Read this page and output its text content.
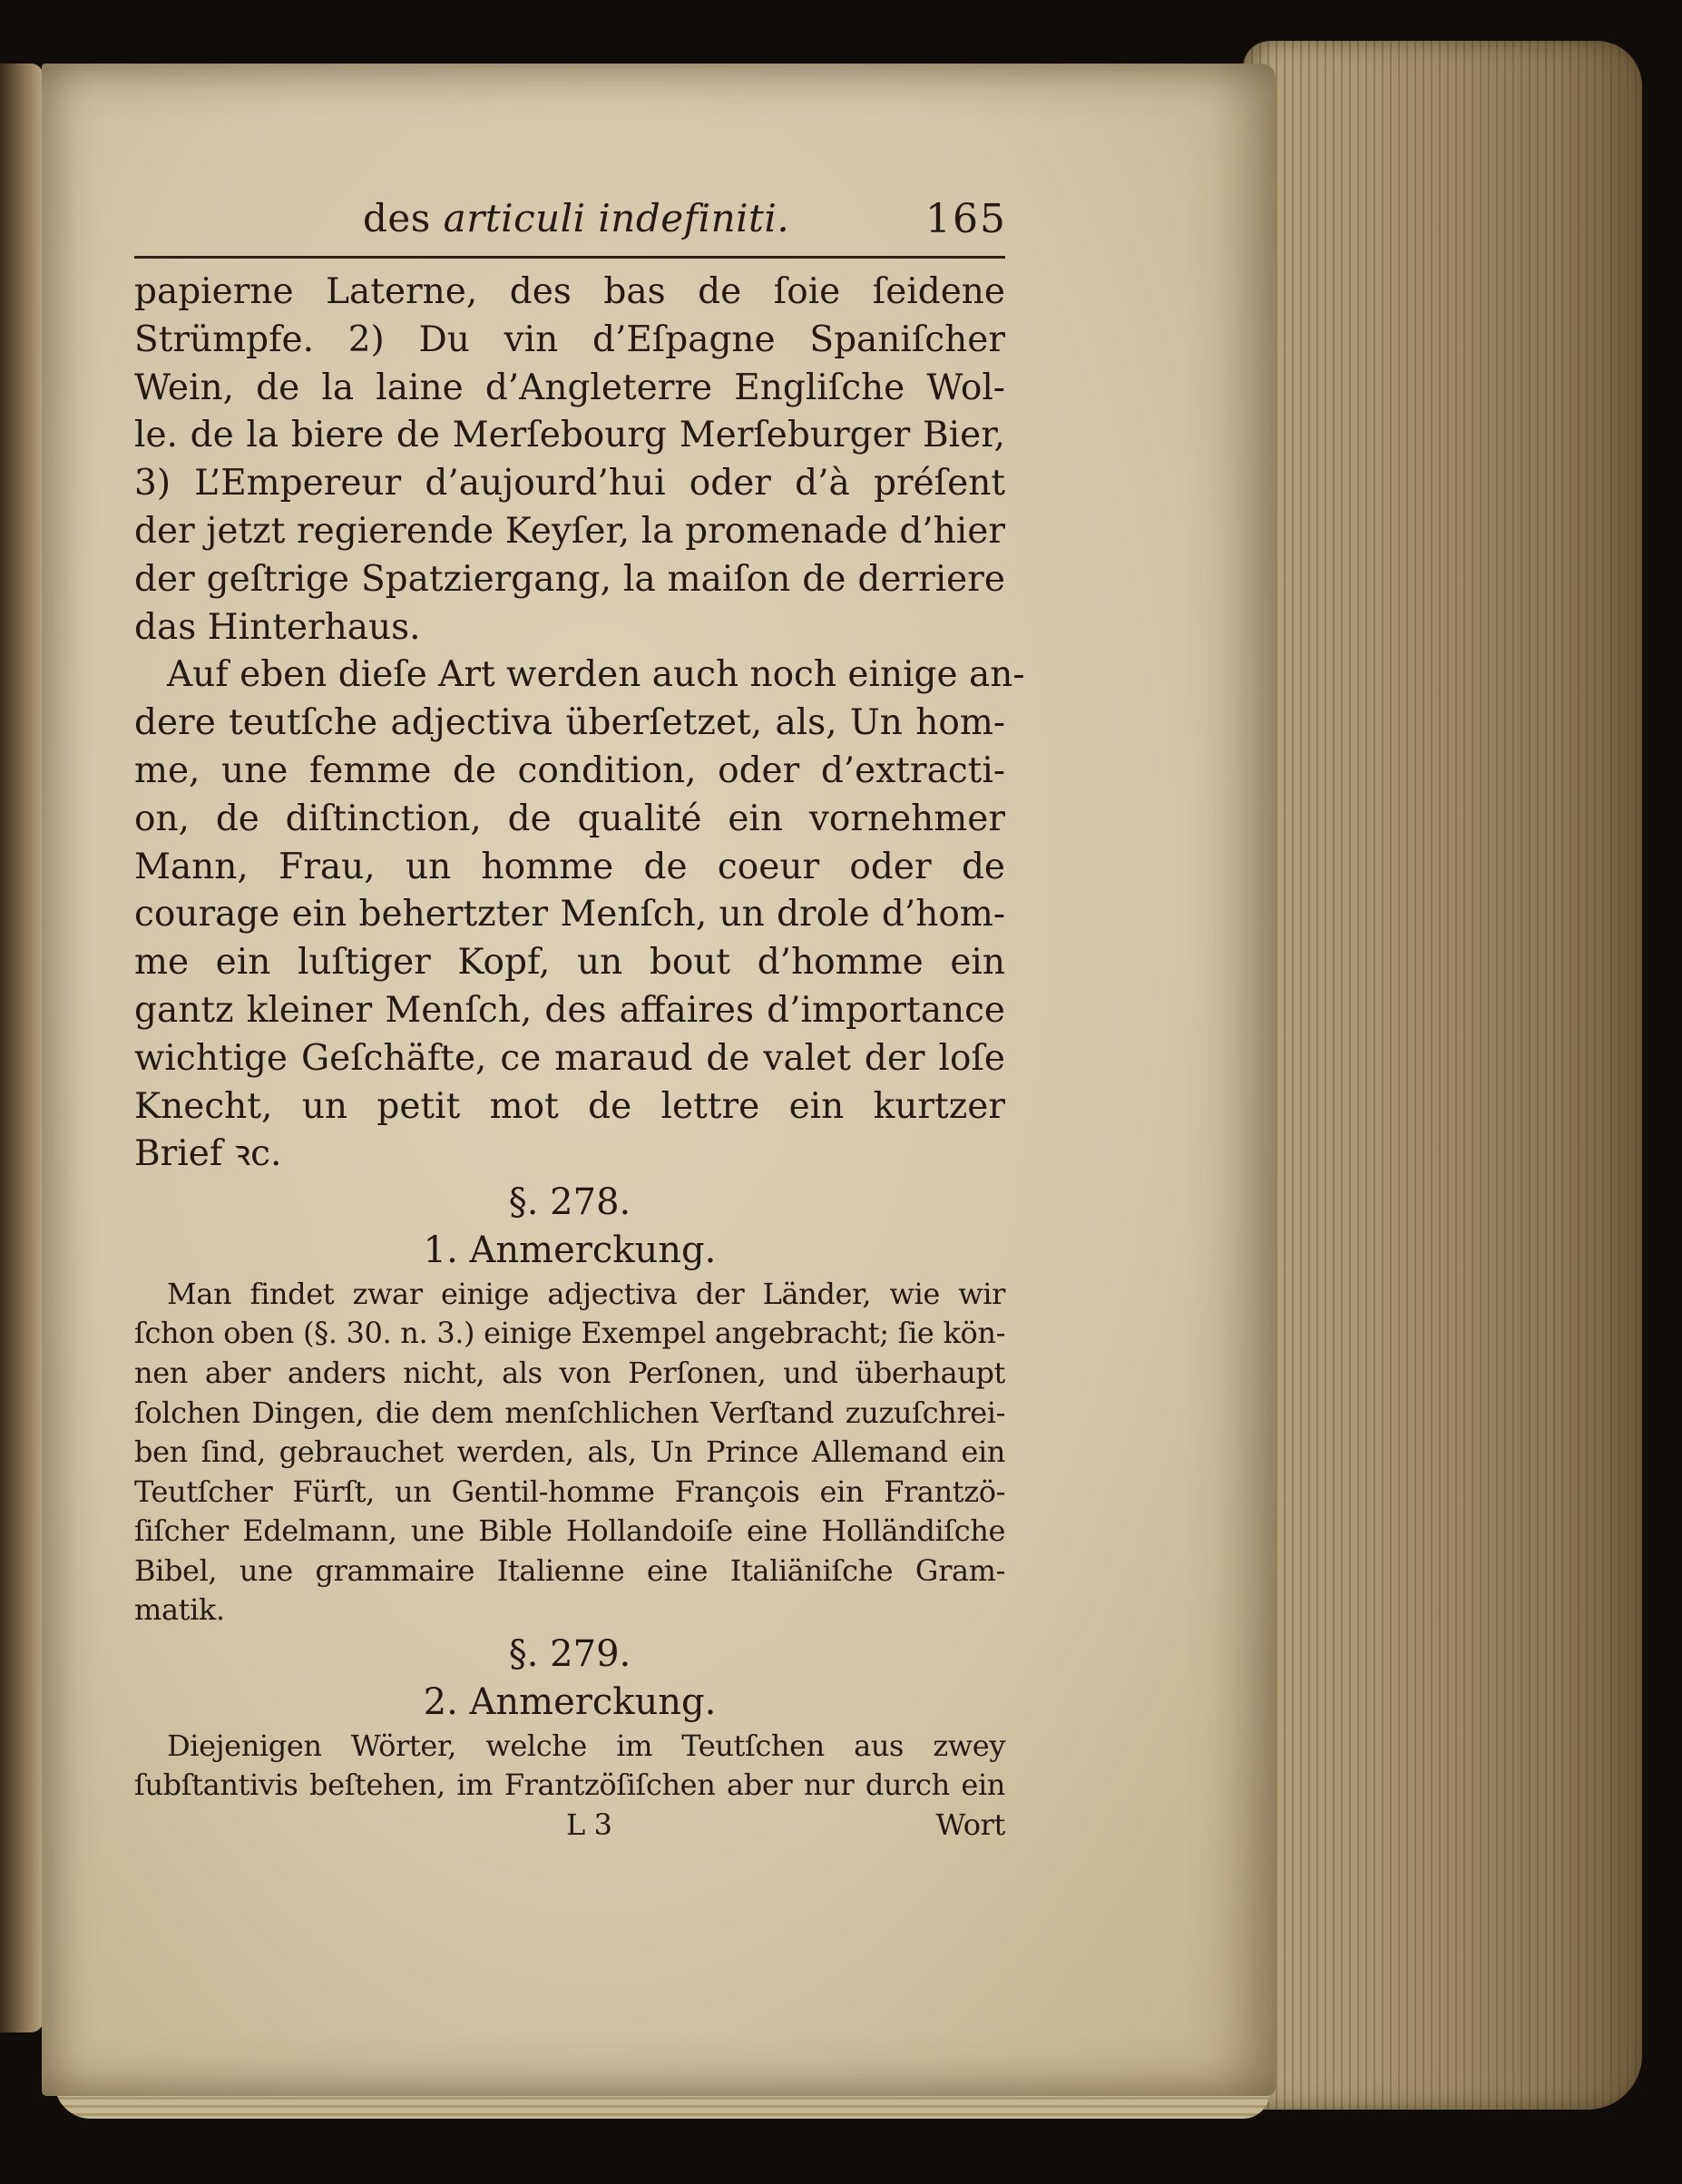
des articuli indefiniti.	165
papierne Laterne, des bas de ſoie ſeidene
Strümpfe. 2) Du vin d’Eſpagne Spaniſcher
Wein, de la laine d’Angleterre Engliſche Wol-
le. de la biere de Merſebourg Merſeburger Bier,
3) L’Empereur d’aujourd’hui oder d’à préſent
der jetzt regierende Keyſer, la promenade d’hier
der geſtrige Spatziergang, la maiſon de derriere
das Hinterhaus.
Auf eben dieſe Art werden auch noch einige an-
dere teutſche adjectiva überſetzet, als, Un hom-
me, une femme de condition, oder d’extracti-
on, de diſtinction, de qualité ein vornehmer
Mann, Frau, un homme de coeur oder de
courage ein behertzter Menſch, un drole d’hom-
me ein luſtiger Kopf, un bout d’homme ein
gantz kleiner Menſch, des affaires d’importance
wichtige Geſchäfte, ce maraud de valet der loſe
Knecht, un petit mot de lettre ein kurtzer
Brief ꝛc.
§. 278.
1. Anmerckung.
Man findet zwar einige adjectiva der Länder, wie wir
ſchon oben (§. 30. n. 3.) einige Exempel angebracht; ſie kön-
nen aber anders nicht, als von Perſonen, und überhaupt
ſolchen Dingen, die dem menſchlichen Verſtand zuzuſchrei-
ben ſind, gebrauchet werden, als, Un Prince Allemand ein
Teutſcher Fürſt, un Gentil-homme François ein Frantzö-
ſiſcher Edelmann, une Bible Hollandoiſe eine Holländiſche
Bibel, une grammaire Italienne eine Italiäniſche Gram-
matik.
§. 279.
2. Anmerckung.
Diejenigen Wörter, welche im Teutſchen aus zwey
ſubſtantivis beſtehen, im Frantzöſiſchen aber nur durch ein
L 3	Wort
